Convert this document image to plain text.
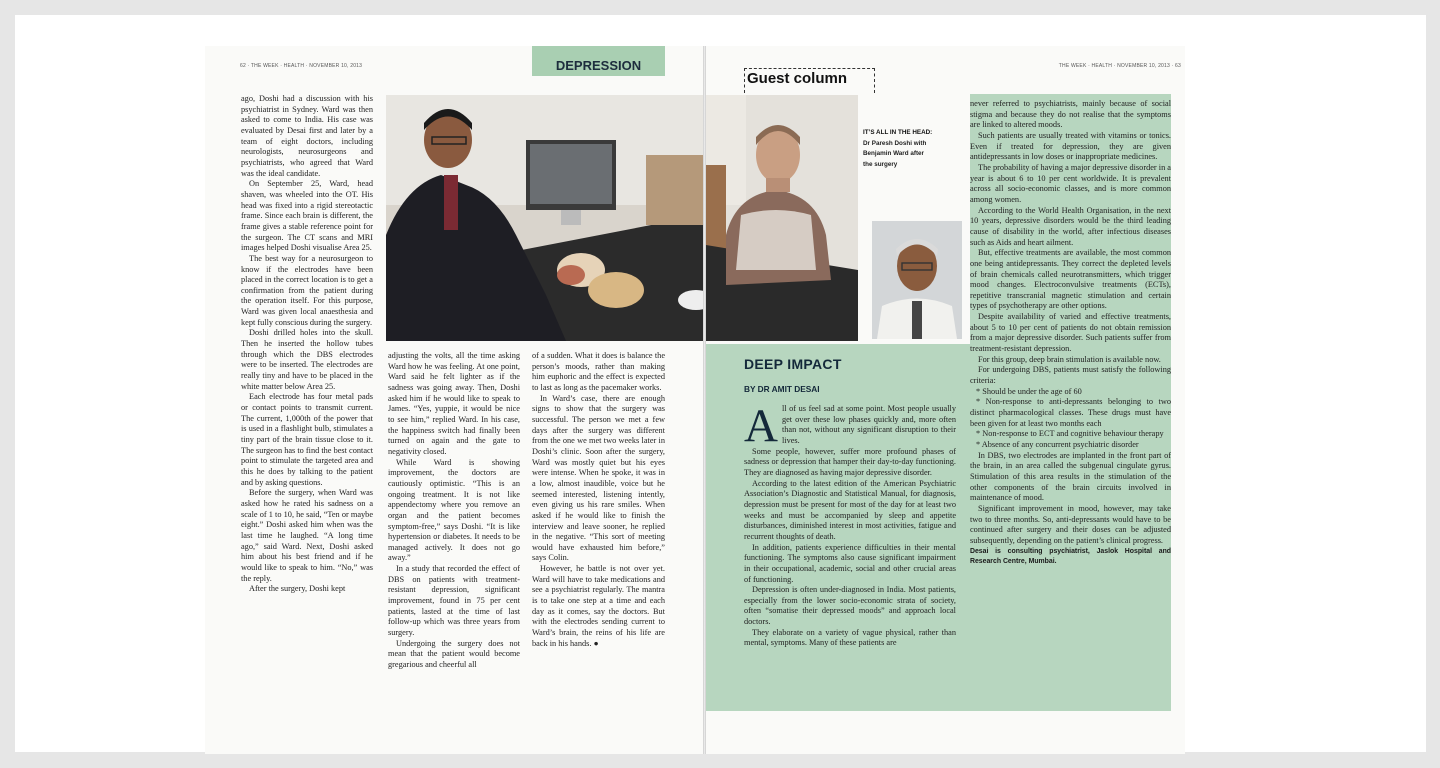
62 · THE WEEK · HEALTH · NOVEMBER 10, 2013	DEPRESSION

ago, Doshi had a discussion with his psychiatrist in Sydney. Ward was then asked to come to India. His case was evaluated by Desai first and later by a team of eight doctors, including neurologists, neurosurgeons and psychiatrists, who agreed that Ward was the ideal candidate.

On September 25, Ward, head shaven, was wheeled into the OT. His head was fixed into a rigid stereotactic frame. Since each brain is different, the frame gives a stable reference point for the surgeon. The CT scans and MRI images helped Doshi visualise Area 25.

The best way for a neurosurgeon to know if the electrodes have been placed in the correct location is to get a confirmation from the patient during the operation itself. For this purpose, Ward was given local anaesthesia and kept fully conscious during the surgery.

Doshi drilled holes into the skull. Then he inserted the hollow tubes through which the DBS electrodes were to be inserted. The electrodes are really tiny and have to be placed in the white matter below Area 25.

Each electrode has four metal pads or contact points to transmit current. The current, 1,000th of the power that is used in a flashlight bulb, stimulates a tiny part of the brain tissue close to it. The surgeon has to find the best contact point to stimulate the targeted area and this he does by talking to the patient and by asking questions.

Before the surgery, when Ward was asked how he rated his sadness on a scale of 1 to 10, he said, “Ten or maybe eight.” Doshi asked him when was the last time he laughed. “A long time ago,” said Ward. Next, Doshi asked him about his best friend and if he would like to speak to him. “No,” was the reply.

After the surgery, Doshi kept

adjusting the volts, all the time asking Ward how he was feeling. At one point, Ward said he felt lighter as if the sadness was going away. Then, Doshi asked him if he would like to speak to James. “Yes, yuppie, it would be nice to see him,” replied Ward. In his case, the happiness switch had finally been turned on again and the gate to negativity closed.

While Ward is showing improvement, the doctors are cautiously optimistic. “This is an ongoing treatment. It is not like appendectomy where you remove an organ and the patient becomes symptom-free,” says Doshi. “It is like hypertension or diabetes. It needs to be managed actively. It does not go away.”

In a study that recorded the effect of DBS on patients with treatment-resistant depression, significant improvement, found in 75 per cent patients, lasted at the time of last follow-up which was three years from surgery.

Undergoing the surgery does not mean that the patient would become gregarious and cheerful all

of a sudden. What it does is balance the person’s moods, rather than making him euphoric and the effect is expected to last as long as the pacemaker works.

In Ward’s case, there are enough signs to show that the surgery was successful. The person we met a few days after the surgery was different from the one we met two weeks later in Doshi’s clinic. Soon after the surgery, Ward was mostly quiet but his eyes were intense. When he spoke, it was in a low, almost inaudible, voice but he seemed interested, listening intently, even giving us his rare smiles. When asked if he would like to finish the interview and leave sooner, he replied in the negative. “This sort of meeting would have exhausted him before,” says Colin.

However, he battle is not over yet. Ward will have to take medications and see a psychiatrist regularly. The mantra is to take one step at a time and each day as it comes, say the doctors. But with the electrodes sending current to Ward’s brain, the reins of his life are back in his hands. ●

THE WEEK · HEALTH · NOVEMBER 10, 2013 · 63
Guest column
IT’S ALL IN THE HEAD:
Dr Paresh Doshi with Benjamin Ward after the surgery
DEEP IMPACT
BY DR AMIT DESAI
A ll of us feel sad at some point. Most people usually get over these low phases quickly and, more often than not, without any significant disruption to their lives.

Some people, however, suffer more profound phases of sadness or depression that hamper their day-to-day functioning. They are diagnosed as having major depressive disorder.

According to the latest edition of the American Psychiatric Association’s Diagnostic and Statistical Manual, for diagnosis, depression must be present for most of the day for at least two weeks and must be accompanied by sleep and appetite disturbances, diminished interest in most activities, fatigue and recurrent thoughts of death.

In addition, patients experience difficulties in their mental functioning. The symptoms also cause significant impairment in their occupational, academic, social and other crucial areas of functioning.

Depression is often under-diagnosed in India. Most patients, especially from the lower socio-economic strata of society, often “somatise their depressed moods” and approach local doctors.

They elaborate on a variety of vague physical, rather than mental, symptoms. Many of these patients are

never referred to psychiatrists, mainly because of social stigma and because they do not realise that the symptoms are linked to altered moods.

Such patients are usually treated with vitamins or tonics. Even if treated for depression, they are given antidepressants in low doses or inappropriate medicines.

The probability of having a major depressive disorder in a year is about 6 to 10 per cent worldwide. It is prevalent across all socio-economic classes, and is more common among women.

According to the World Health Organisation, in the next 10 years, depressive disorders would be the third leading cause of disability in the world, after infectious diseases such as Aids and heart ailment.

But, effective treatments are available, the most common one being antidepressants. They correct the depleted levels of brain chemicals called neurotransmitters, which trigger mood changes. Electroconvulsive treatments (ECTs), repetitive transcranial magnetic stimulation and certain types of psychotherapy are other options.

Despite availability of varied and effective treatments, about 5 to 10 per cent of patients do not obtain remission from a major depressive disorder. Such patients suffer from treatment-resistant depression.

For this group, deep brain stimulation is available now.

For undergoing DBS, patients must satisfy the following criteria:

* Should be under the age of 60

* Non-response to anti-depressants belonging to two distinct pharmacological classes. These drugs must have been given for at least two months each

* Non-response to ECT and cognitive behaviour therapy

* Absence of any concurrent psychiatric disorder

In DBS, two electrodes are implanted in the front part of the brain, in an area called the subgenual cingulate gyrus. Stimulation of this area results in the stimulation of the other components of the brain circuits involved in maintenance of mood.

Significant improvement in mood, however, may take two to three months. So, anti-depressants would have to be continued after surgery and their doses can be adjusted subsequently, depending on the patient’s clinical progress.

Desai is consulting psychiatrist, Jaslok Hospital and Research Centre, Mumbai.
